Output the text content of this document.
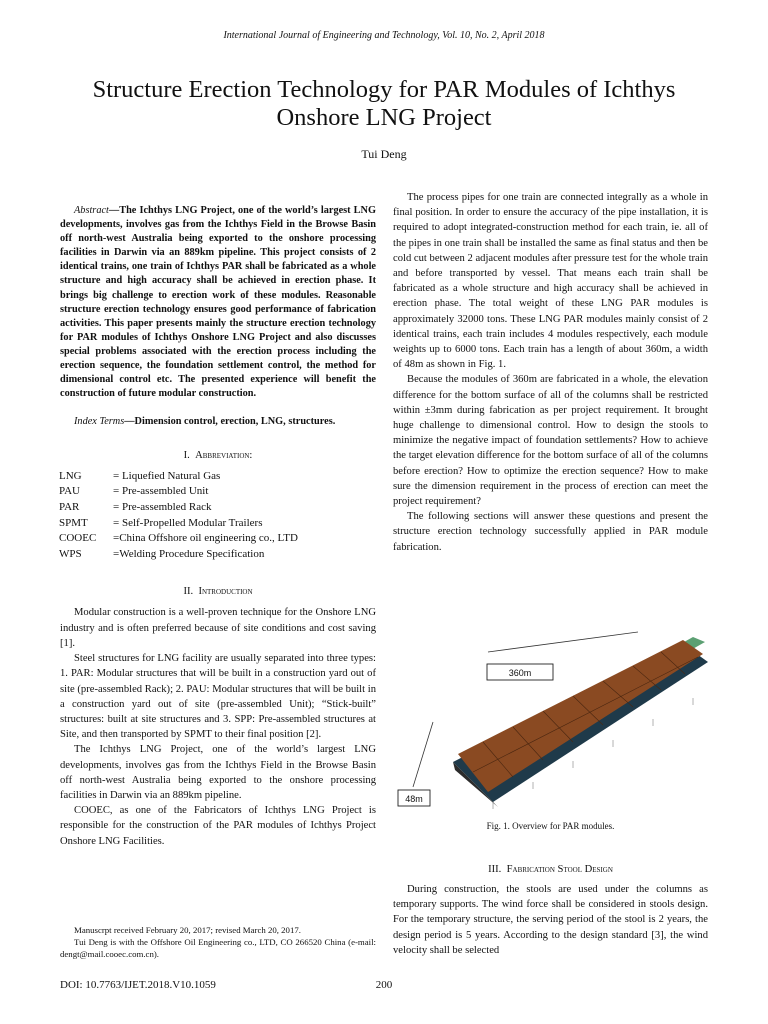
International Journal of Engineering and Technology, Vol. 10, No. 2, April 2018
Structure Erection Technology for PAR Modules of Ichthys Onshore LNG Project
Tui Deng

Abstract—The Ichthys LNG Project, one of the world’s largest LNG developments, involves gas from the Ichthys Field in the Browse Basin off north-west Australia being exported to the onshore processing facilities in Darwin via an 889km pipeline. This project consists of 2 identical trains, one train of Ichthys PAR shall be fabricated as a whole structure and high accuracy shall be achieved in erection phase. It brings big challenge to erection work of these modules. Reasonable structure erection technology ensures good performance of fabrication activities. This paper presents mainly the structure erection technology for PAR modules of Ichthys Onshore LNG Project and also discusses special problems associated with the erection process including the erection sequence, the foundation settlement control, the method for dimensional control etc. The presented experience will benefit the construction of future modular construction.

Index Terms—Dimension control, erection, LNG, structures.

I. Abbreviation:

LNG	= Liquefied Natural Gas
PAU	= Pre-assembled Unit
PAR	= Pre-assembled Rack
SPMT	= Self-Propelled Modular Trailers
COOEC	=China Offshore oil engineering co., LTD
WPS	=Welding Procedure Specification

II. Introduction

Modular construction is a well-proven technique for the Onshore LNG industry and is often preferred because of site conditions and cost saving [1].

Steel structures for LNG facility are usually separated into three types: 1. PAR: Modular structures that will be built in a construction yard out of site (pre-assembled Rack); 2. PAU: Modular structures that will be built in a construction yard out of site (pre-assembled Unit); “Stick-built” structures: built at site structures and 3. SPP: Pre-assembled structures at Site, and then transported by SPMT to their final position [2].

The Ichthys LNG Project, one of the world’s largest LNG developments, involves gas from the Ichthys Field in the Browse Basin off north-west Australia being exported to the onshore processing facilities in Darwin via an 889km pipeline.

COOEC, as one of the Fabricators of Ichthys LNG Project is responsible for the construction of the PAR modules of Ichthys Project Onshore LNG Facilities.

Manuscrpt received February 20, 2017; revised March 20, 2017.

Tui Deng is with the Offshore Oil Engineering co., LTD, CO 266520 China (e-mail: dengt@mail.cooec.com.cn).

The process pipes for one train are connected integrally as a whole in final position. In order to ensure the accuracy of the pipe installation, it is required to adopt integrated-construction method for each train, ie. all of the pipes in one train shall be installed the same as final status and then be cold cut between 2 adjacent modules after pressure test for the whole train and before transported by vessel. That means each train shall be fabricated as a whole structure and high accuracy shall be achieved in erection phase. The total weight of these LNG PAR modules is approximately 32000 tons. These LNG PAR modules mainly consist of 2 identical trains, each train includes 4 modules respectively, each module weights up to 6000 tons. Each train has a length of about 360m, a width of 48m as shown in Fig. 1.

Because the modules of 360m are fabricated in a whole, the elevation difference for the bottom surface of all of the columns shall be restricted within ±3mm during fabrication as per project requirement. It brought huge challenge to dimensional control. How to design the stools to minimize the negative impact of foundation settlements? How to achieve the target elevation difference for the bottom surface of all of the columns before erection? How to optimize the erection sequence? How to make sure the dimension requirement in the process of erection can meet the project requirement?

The following sections will answer these questions and present the structure erection technology successfully applied in PAR module fabrication.

360m
48m
Fig. 1. Overview for PAR modules.
III. Fabrication Stool Design

During construction, the stools are used under the columns as temporary supports. The wind force shall be considered in stools design. For the temporary structure, the serving period of the stool is 2 years, the design period is 5 years. According to the design standard [3], the wind velocity shall be selected

DOI: 10.7763/IJET.2018.V10.1059	200
